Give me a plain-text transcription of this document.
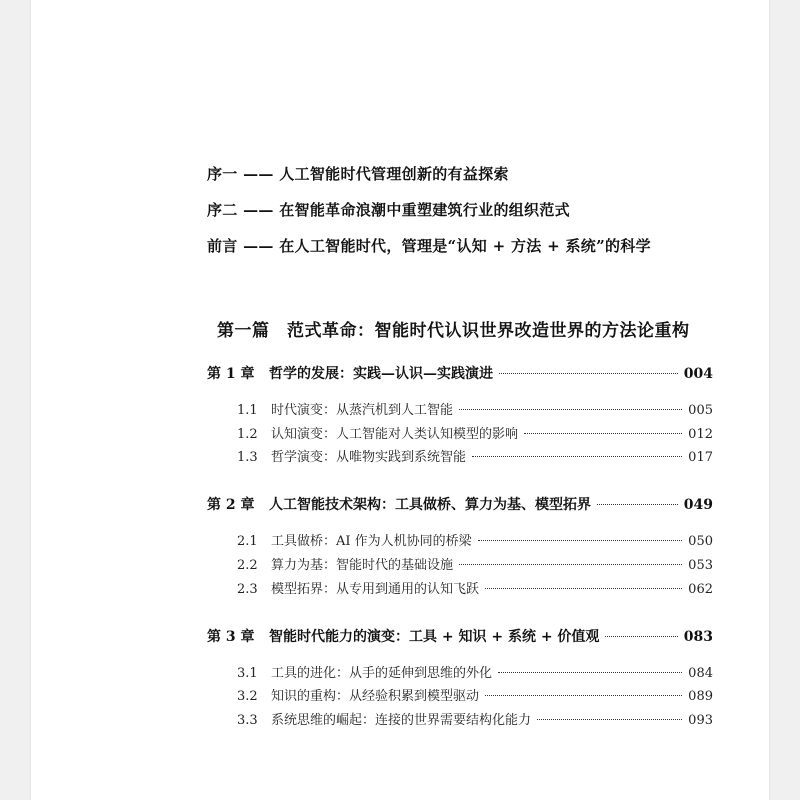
序一 —— 人工智能时代管理创新的有益探索
序二 —— 在智能革命浪潮中重塑建筑行业的组织范式
前言 —— 在人工智能时代，管理是“认知 + 方法 + 系统”的科学
第一篇　范式革命：智能时代认识世界改造世界的方法论重构
第 1 章	哲学的发展：实践—认识—实践演进	004
1.1	时代演变：从蒸汽机到人工智能	005
1.2	认知演变：人工智能对人类认知模型的影响	012
1.3	哲学演变：从唯物实践到系统智能	017
第 2 章	人工智能技术架构：工具做桥、算力为基、模型拓界	049
2.1	工具做桥：AI 作为人机协同的桥梁	050
2.2	算力为基：智能时代的基础设施	053
2.3	模型拓界：从专用到通用的认知飞跃	062
第 3 章	智能时代能力的演变：工具 + 知识 + 系统 + 价值观	083
3.1	工具的进化：从手的延伸到思维的外化	084
3.2	知识的重构：从经验积累到模型驱动	089
3.3	系统思维的崛起：连接的世界需要结构化能力	093
